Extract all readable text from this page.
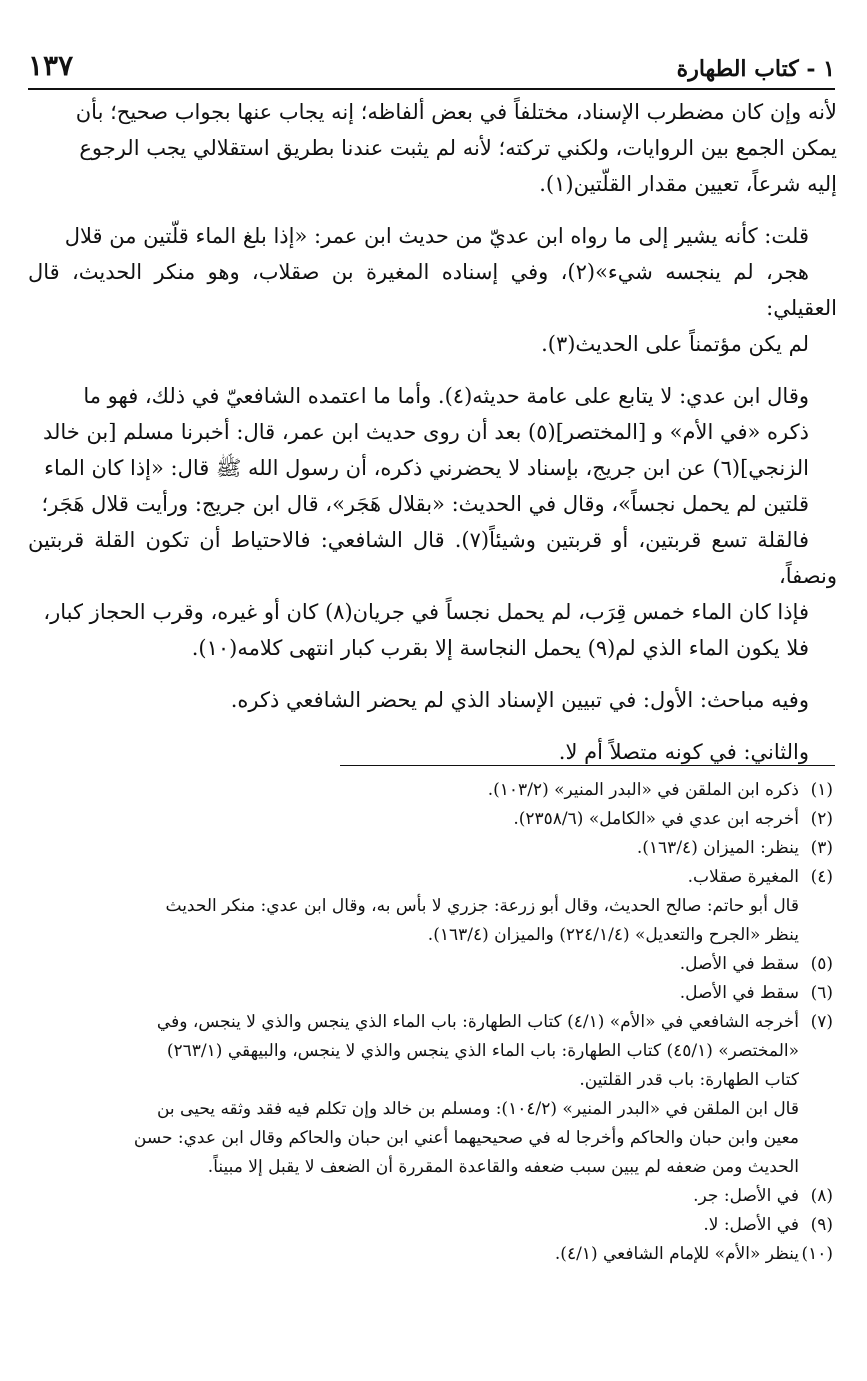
١ - كتاب الطهارة
١٣٧

لأنه وإن كان مضطرب الإسناد، مختلفاً في بعض ألفاظه؛ إنه يجاب عنها بجواب صحيح؛ بأن
يمكن الجمع بين الروايات، ولكني تركته؛ لأنه لم يثبت عندنا بطريق استقلالي يجب الرجوع
إليه شرعاً، تعيين مقدار القلّتين(١).

قلت: كأنه يشير إلى ما رواه ابن عديّ من حديث ابن عمر: «إذا بلغ الماء قلّتين من قلال
هجر، لم ينجسه شيء»(٢)، وفي إسناده المغيرة بن صقلاب، وهو منكر الحديث، قال العقيلي:
لم يكن مؤتمناً على الحديث(٣).

وقال ابن عدي: لا يتابع على عامة حديثه(٤). وأما ما اعتمده الشافعيّ في ذلك، فهو ما
ذكره «في الأم» و [المختصر](٥) بعد أن روى حديث ابن عمر، قال: أخبرنا مسلم [بن خالد
الزنجي](٦) عن ابن جريج، بإسناد لا يحضرني ذكره، أن رسول الله ﷺ قال: «إذا كان الماء
قلتين لم يحمل نجساً»، وقال في الحديث: «بقلال هَجَر»، قال ابن جريج: ورأيت قلال هَجَر؛
فالقلة تسع قربتين، أو قربتين وشيئاً(٧). قال الشافعي: فالاحتياط أن تكون القلة قربتين ونصفاً،
فإذا كان الماء خمس قِرَب، لم يحمل نجساً في جريان(٨) كان أو غيره، وقرب الحجاز كبار،
فلا يكون الماء الذي لم(٩) يحمل النجاسة إلا بقرب كبار انتهى كلامه(١٠).

وفيه مباحث: الأول: في تبيين الإسناد الذي لم يحضر الشافعي ذكره.

والثاني: في كونه متصلاً أم لا.

(١)
ذكره ابن الملقن في «البدر المنير» (١٠٣/٢).
(٢)
أخرجه ابن عدي في «الكامل» (٢٣٥٨/٦).
(٣)
ينظر: الميزان (١٦٣/٤).
(٤)
المغيرة صقلاب.
قال أبو حاتم: صالح الحديث، وقال أبو زرعة: جزري لا بأس به، وقال ابن عدي: منكر الحديث
ينظر «الجرح والتعديل» (٢٢٤/١/٤) والميزان (١٦٣/٤).
(٥)
سقط في الأصل.
(٦)
سقط في الأصل.
(٧)
أخرجه الشافعي في «الأم» (٤/١) كتاب الطهارة: باب الماء الذي ينجس والذي لا ينجس، وفي
«المختصر» (٤٥/١) كتاب الطهارة: باب الماء الذي ينجس والذي لا ينجس، والبيهقي (٢٦٣/١)
كتاب الطهارة: باب قدر القلتين.
قال ابن الملقن في «البدر المنير» (١٠٤/٢): ومسلم بن خالد وإن تكلم فيه فقد وثقه يحيى بن
معين وابن حبان والحاكم وأخرجا له في صحيحيهما أعني ابن حبان والحاكم وقال ابن عدي: حسن
الحديث ومن ضعفه لم يبين سبب ضعفه والقاعدة المقررة أن الضعف لا يقبل إلا مبيناً.
(٨)
في الأصل: جر.
(٩)
في الأصل: لا.
(١٠)
ينظر «الأم» للإمام الشافعي (٤/١).
